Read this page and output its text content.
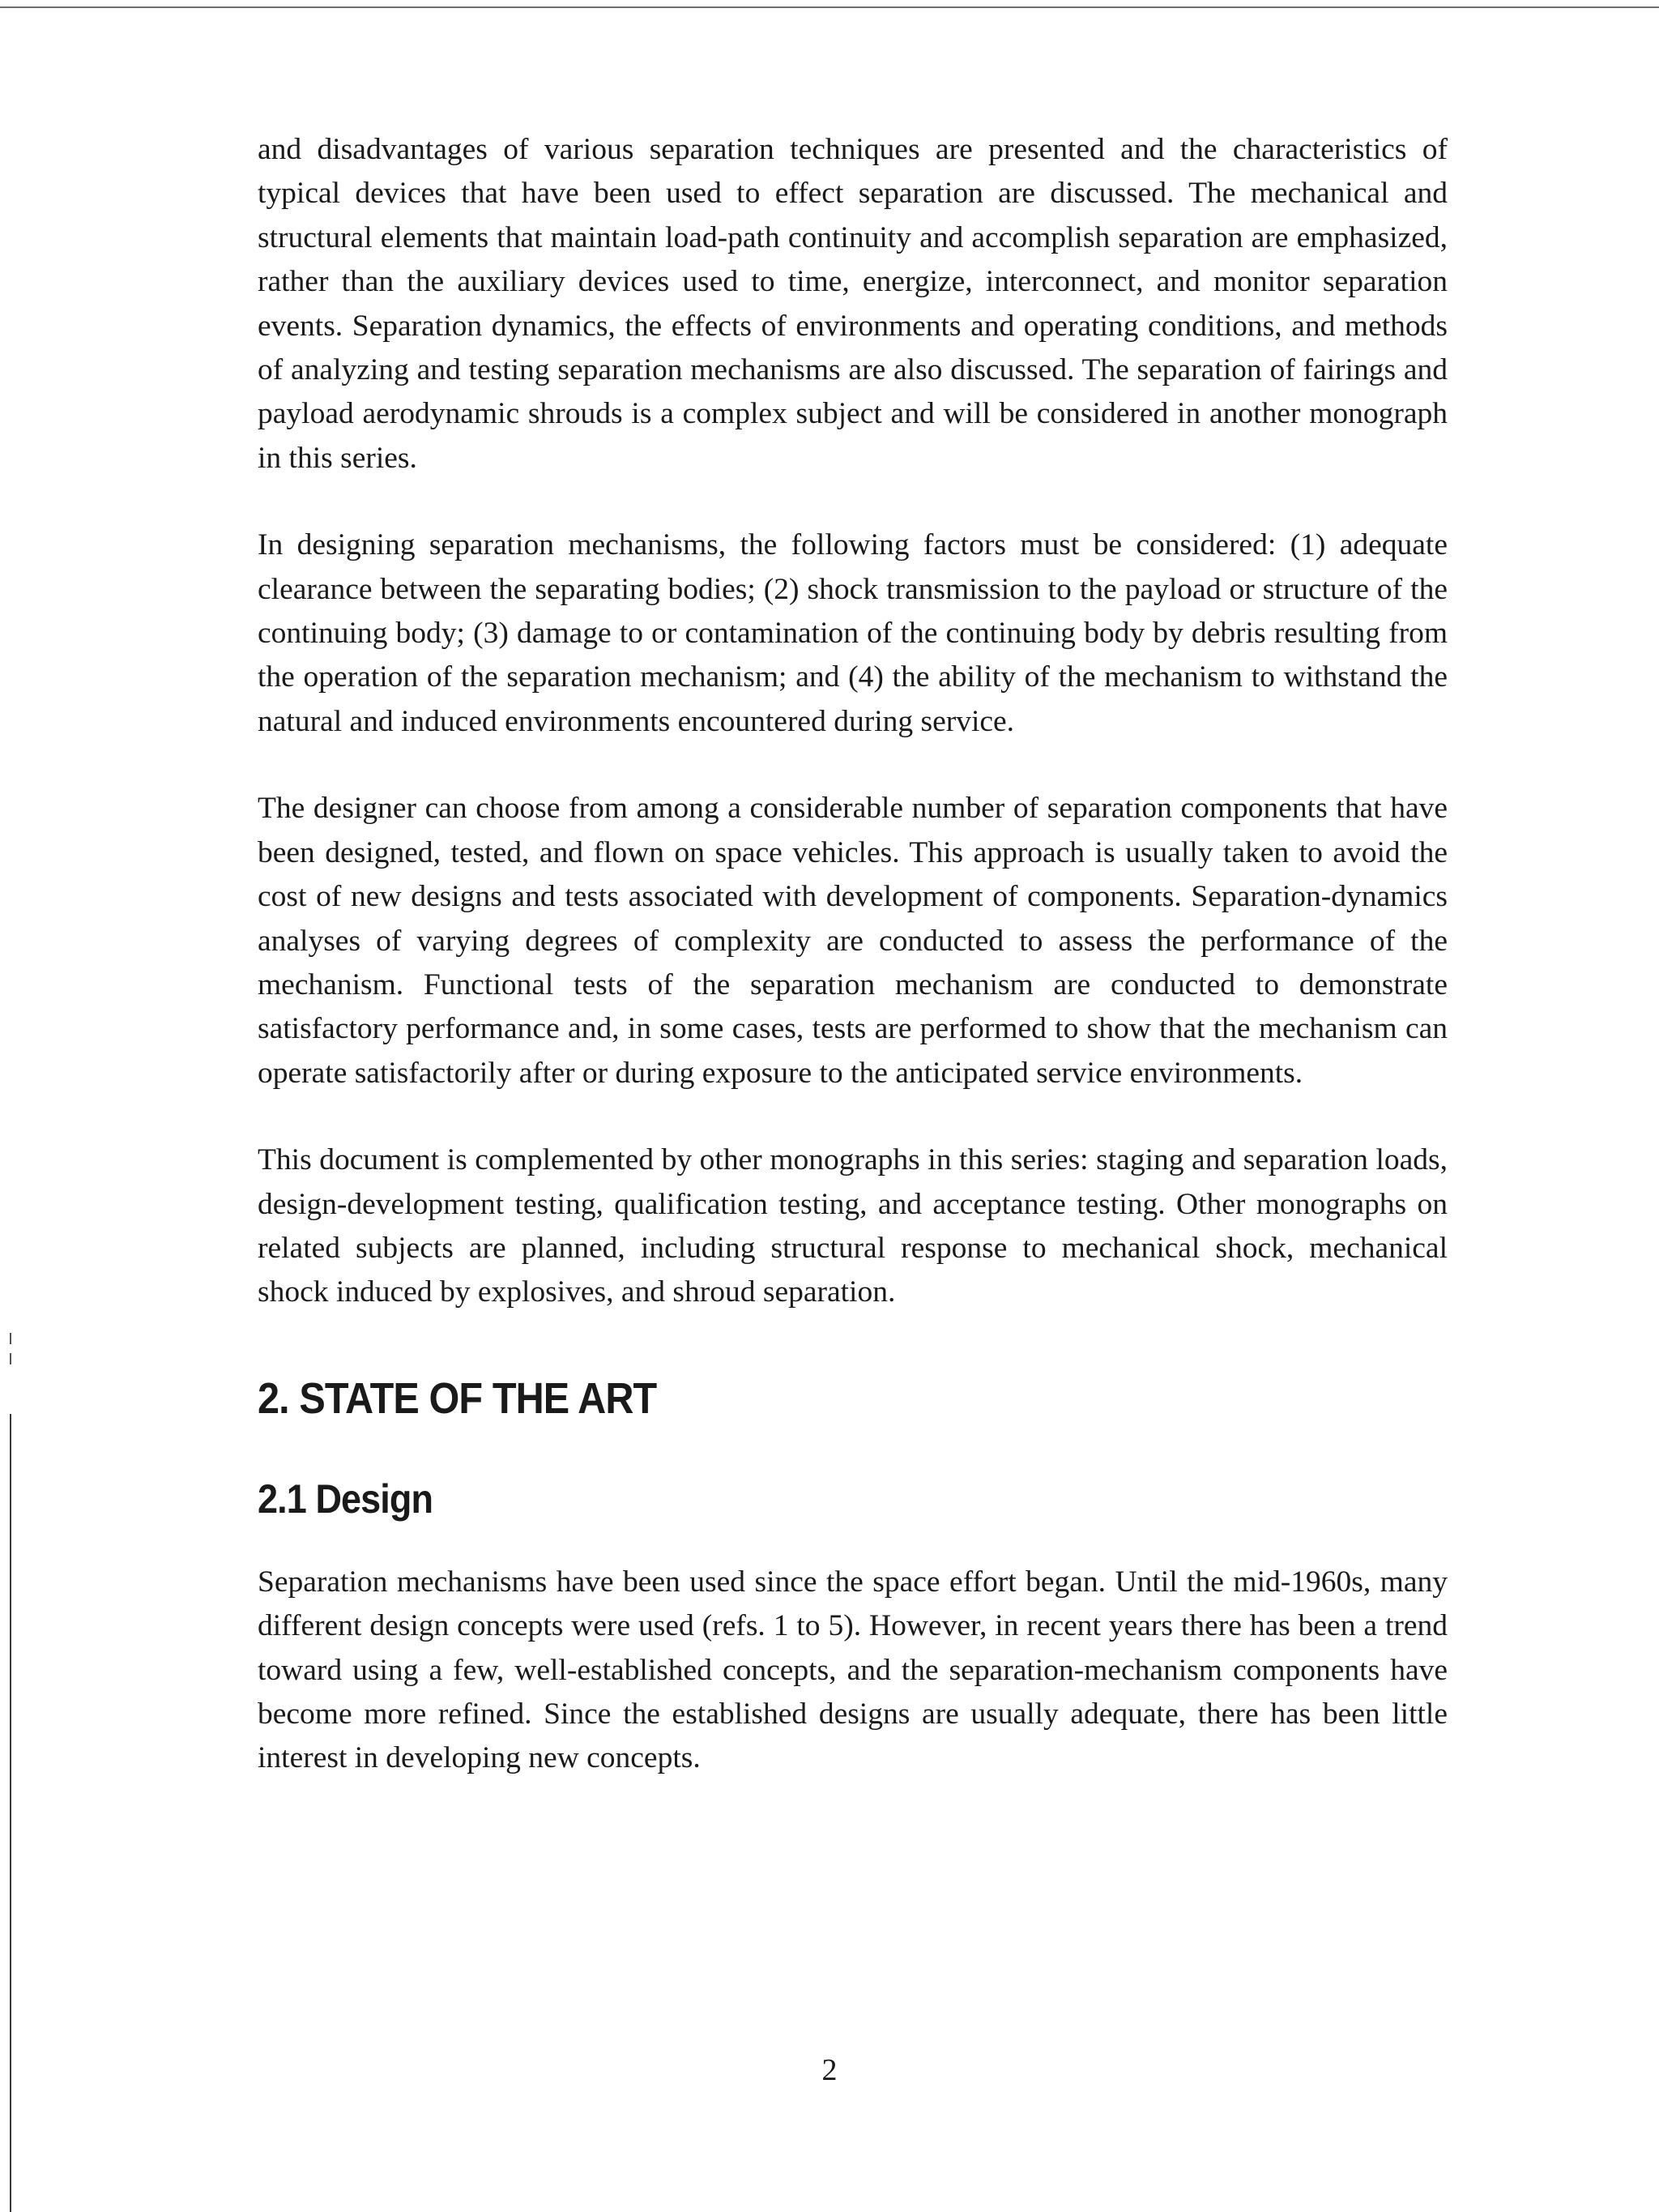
and disadvantages of various separation techniques are presented and the characteristics of typical devices that have been used to effect separation are discussed. The mechanical and structural elements that maintain load-path continuity and accomplish separation are emphasized, rather than the auxiliary devices used to time, energize, interconnect, and monitor separation events. Separation dynamics, the effects of environments and operating conditions, and methods of analyzing and testing separation mechanisms are also discussed. The separation of fairings and payload aerodynamic shrouds is a complex subject and will be considered in another monograph in this series.

In designing separation mechanisms, the following factors must be considered: (1) adequate clearance between the separating bodies; (2) shock transmission to the payload or structure of the continuing body; (3) damage to or contamination of the continuing body by debris resulting from the operation of the separation mechanism; and (4) the ability of the mechanism to withstand the natural and induced environments encountered during service.

The designer can choose from among a considerable number of separation components that have been designed, tested, and flown on space vehicles. This approach is usually taken to avoid the cost of new designs and tests associated with development of components. Separation-dynamics analyses of varying degrees of complexity are conducted to assess the performance of the mechanism. Functional tests of the separation mechanism are conducted to demonstrate satisfactory performance and, in some cases, tests are performed to show that the mechanism can operate satisfactorily after or during exposure to the anticipated service environments.

This document is complemented by other monographs in this series: staging and separation loads, design-development testing, qualification testing, and acceptance testing. Other monographs on related subjects are planned, including structural response to mechanical shock, mechanical shock induced by explosives, and shroud separation.

2. STATE OF THE ART
2.1 Design

Separation mechanisms have been used since the space effort began. Until the mid-1960s, many different design concepts were used (refs. 1 to 5). However, in recent years there has been a trend toward using a few, well-established concepts, and the separation-mechanism components have become more refined. Since the established designs are usually adequate, there has been little interest in developing new concepts.

2
